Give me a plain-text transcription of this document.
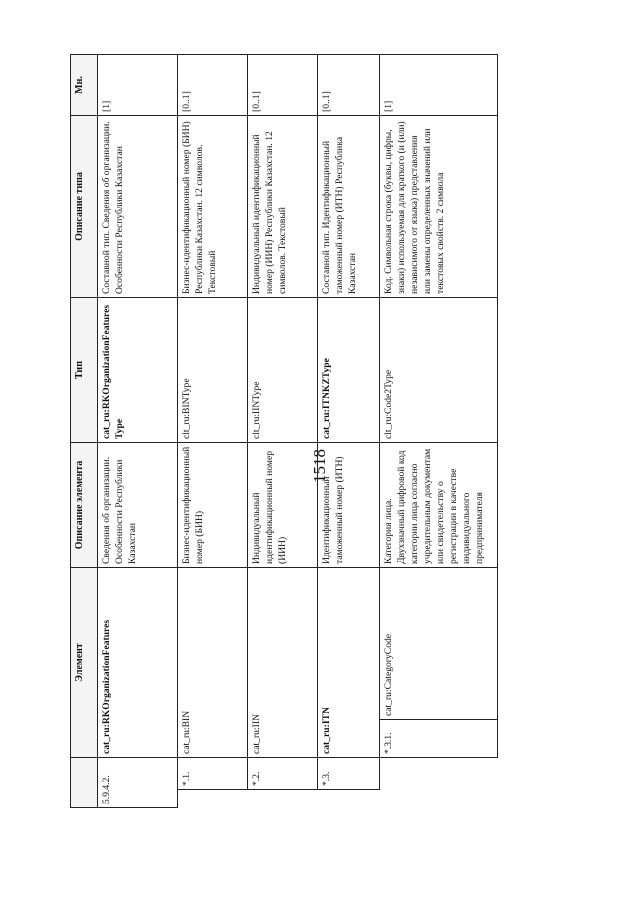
1518
		Элемент		Описание элемента	Тип	Описание типа	Мн.
5.9.4.2.		cat_ru:RKOrganizationFeatures		Сведения об организации. Особенности Республики Казахстан	cat_ru:RKOrganizationFeaturesType	Составной тип. Сведения об организации. Особенности Республики Казахстан	[1]
	*.1.	cat_ru:BIN		Бизнес-идентификационный номер (БИН)	clt_ru:BINType	Бизнес-идентификационный номер (БИН) Республики Казахстан. 12 символов. Текстовый	[0..1]
	*.2.	cat_ru:IIN		Индивидуальный идентификационный номер (ИИН)	clt_ru:IINType	Индивидуальный идентификационный номер (ИИН) Республики Казахстан. 12 символов. Текстовый	[0..1]
	*.3.	cat_ru:ITN		Идентификационный таможенный номер (ИТН)	cat_ru:ITNKZType	Составной тип. Идентификационный таможенный номер (ИТН) Республика Казахстан	[0..1]
		*.3.1.	cat_ru:CategoryCode	Категория лица. Двухзначный цифровой код категории лица согласно учредительным документам или свидетельству о регистрации в качестве индивидуального предпринимателя	clt_ru:Code2Type	Код. Символьная строка (буквы, цифры, знаки) используемая для краткого (и (или) независимого от языка) представления или замены определенных значений или текстовых свойств. 2 символа	[1]
